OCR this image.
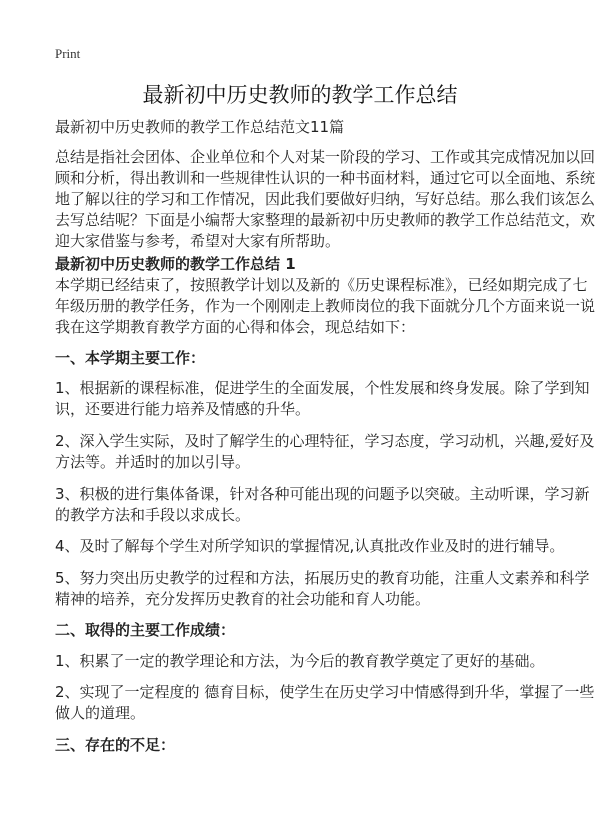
Print
最新初中历史教师的教学工作总结
最新初中历史教师的教学工作总结范文11篇
总结是指社会团体、企业单位和个人对某一阶段的学习、工作或其完成情况加以回
顾和分析，得出教训和一些规律性认识的一种书面材料，通过它可以全面地、系统
地了解以往的学习和工作情况，因此我们要做好归纳，写好总结。那么我们该怎么
去写总结呢？下面是小编帮大家整理的最新初中历史教师的教学工作总结范文，欢
迎大家借鉴与参考，希望对大家有所帮助。
最新初中历史教师的教学工作总结 1
本学期已经结束了，按照教学计划以及新的《历史课程标准》，已经如期完成了七
年级历册的教学任务，作为一个刚刚走上教师岗位的我下面就分几个方面来说一说
我在这学期教育教学方面的心得和体会，现总结如下：
一、本学期主要工作：
1、根据新的课程标准，促进学生的全面发展，个性发展和终身发展。除了学到知
识，还要进行能力培养及情感的升华。
2、深入学生实际，及时了解学生的心理特征，学习态度，学习动机，兴趣,爱好及
方法等。并适时的加以引导。
3、积极的进行集体备课，针对各种可能出现的问题予以突破。主动听课，学习新
的教学方法和手段以求成长。
4、及时了解每个学生对所学知识的掌握情况,认真批改作业及时的进行辅导。
5、努力突出历史教学的过程和方法，拓展历史的教育功能，注重人文素养和科学
精神的培养，充分发挥历史教育的社会功能和育人功能。
二、取得的主要工作成绩：
1、积累了一定的教学理论和方法，为今后的教育教学奠定了更好的基础。
2、实现了一定程度的 德育目标，使学生在历史学习中情感得到升华，掌握了一些
做人的道理。
三、存在的不足：
